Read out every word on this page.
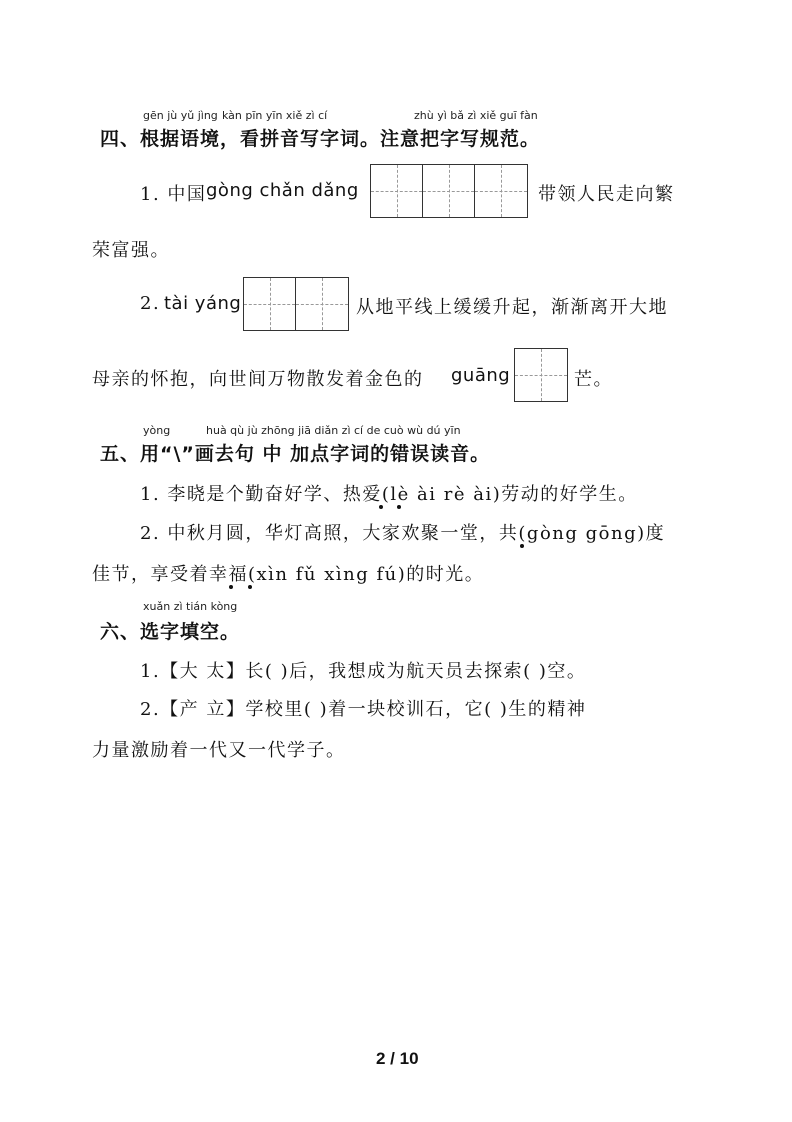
gēn jù yǔ jìng kàn pīn yīn xiě zì cí	zhù yì bǎ zì xiě guī fàn
四、根据语境，看拼音写字词。注意把字写规范。
1. 中国 gòng chǎn dǎng	带领人民走向繁
荣富强。
2. tài yáng	从地平线上缓缓升起，渐渐离开大地
母亲的怀抱，向世间万物散发着金色的 guāng	芒。
yòng	huà qù jù zhōng jiā diǎn zì cí de cuò wù dú yīn
五、用“\”画去句 中 加点字词的错误读音。
1. 李晓是个勤奋好学、热爱(lè ài rè ài)劳动的好学生。
2. 中秋月圆，华灯高照，大家欢聚一堂，共(gòng gōng)度
佳节，享受着幸福(xìn fǔ xìng fú)的时光。
xuǎn zì tián kòng
六、选字填空。
1.【大 太】长( )后，我想成为航天员去探索( )空。
2.【产 立】学校里( )着一块校训石，它( )生的精神
力量激励着一代又一代学子。
2 / 10
